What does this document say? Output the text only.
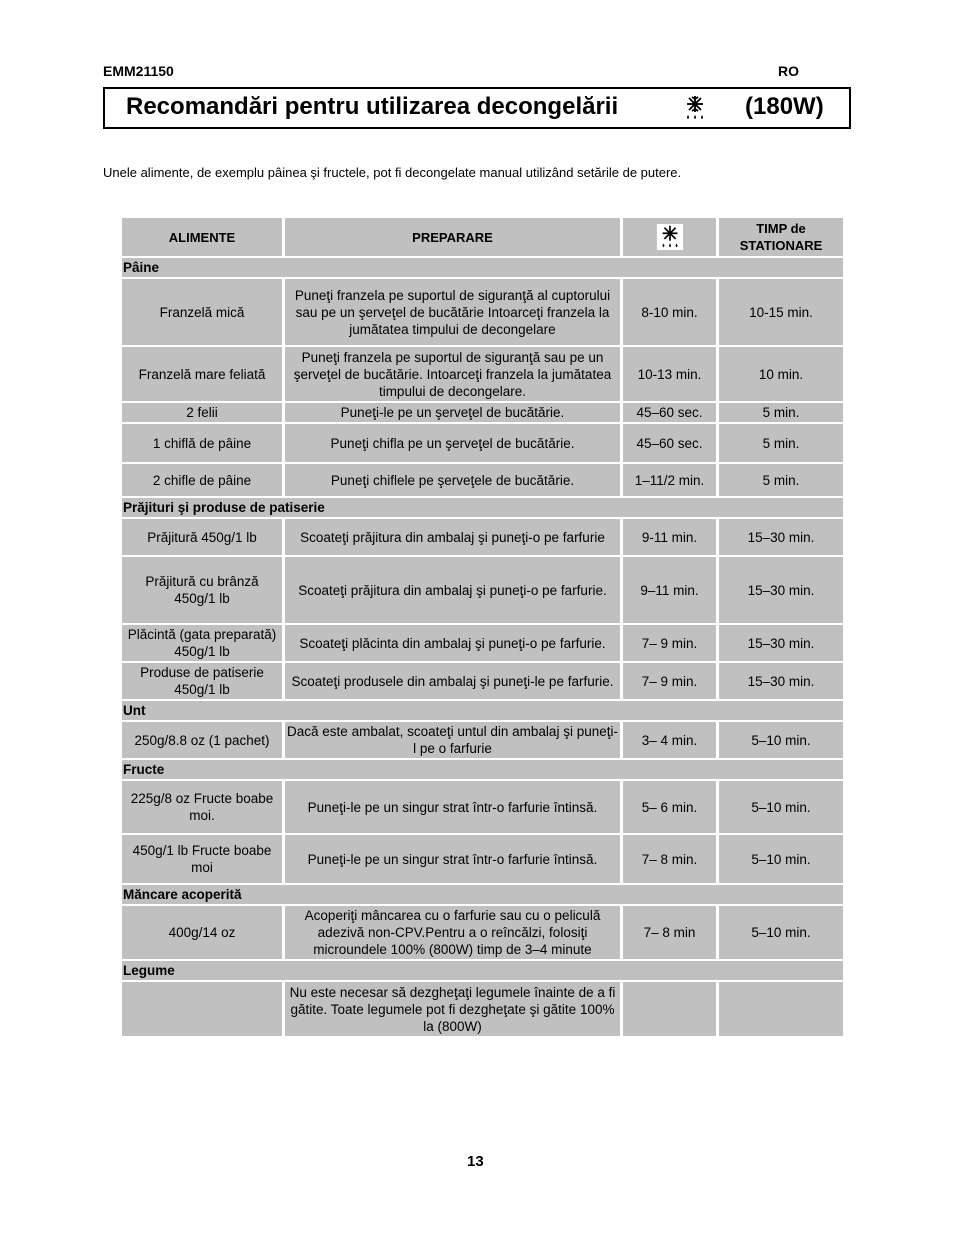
EMM21150	RO
Recomandări pentru utilizarea decongelării	(180W)
Unele alimente, de exemplu pâinea şi fructele, pot fi decongelate manual utilizând setările de putere.
ALIMENTE	PREPARARE		TIMP de STATIONARE
Pâine			
Franzelă mică	Puneţi franzela pe suportul de siguranţă al cuptorului sau pe un şerveţel de bucătărie Intoarceţi franzela la jumătatea timpului de decongelare	8-10 min.	10-15 min.
Franzelă mare feliată	Puneţi franzela pe suportul de siguranţă sau pe un şerveţel de bucătărie. Intoarceţi franzela la jumătatea timpului de decongelare.	10-13 min.	10 min.
2 felii	Puneţi-le pe un şerveţel de bucătărie.	45–60 sec.	5 min.
1 chiflă de pâine	Puneţi chifla pe un şerveţel de bucătărie.	45–60 sec.	5 min.
2 chifle de pâine	Puneţi chiflele pe şerveţele de bucătărie.	1–11/2 min.	5 min.
Prăjituri şi produse de patiserie			
Prăjitură 450g/1 lb	Scoateţi prăjitura din ambalaj şi puneţi-o pe farfurie	9-11 min.	15–30 min.
Prăjitură cu brânză 450g/1 lb	Scoateţi prăjitura din ambalaj şi puneţi-o pe farfurie.	9–11 min.	15–30 min.
Plăcintă (gata preparată) 450g/1 lb	Scoateţi plăcinta din ambalaj şi puneţi-o pe farfurie.	7– 9 min.	15–30 min.
Produse de patiserie 450g/1 lb	Scoateţi produsele din ambalaj şi puneţi-le pe farfurie.	7– 9 min.	15–30 min.
Unt			
250g/8.8 oz (1 pachet)	Dacă este ambalat, scoateţi untul din ambalaj şi puneţi-l pe o farfurie	3– 4 min.	5–10 min.
Fructe			
225g/8 oz Fructe boabe moi.	Puneţi-le pe un singur strat într-o farfurie întinsă.	5– 6 min.	5–10 min.
450g/1 lb Fructe boabe moi	Puneţi-le pe un singur strat într-o farfurie întinsă.	7– 8 min.	5–10 min.
Măncare acoperită			
400g/14 oz	Acoperiţi mâncarea cu o farfurie sau cu o peliculă adezivă non-CPV.Pentru a o reîncălzi, folosiţi microundele 100% (800W) timp de 3–4 minute	7– 8 min	5–10 min.
Legume			
	Nu este necesar să dezgheţaţi legumele înainte de a fi gătite. Toate legumele pot fi dezgheţate şi gătite 100% la (800W)		
13
